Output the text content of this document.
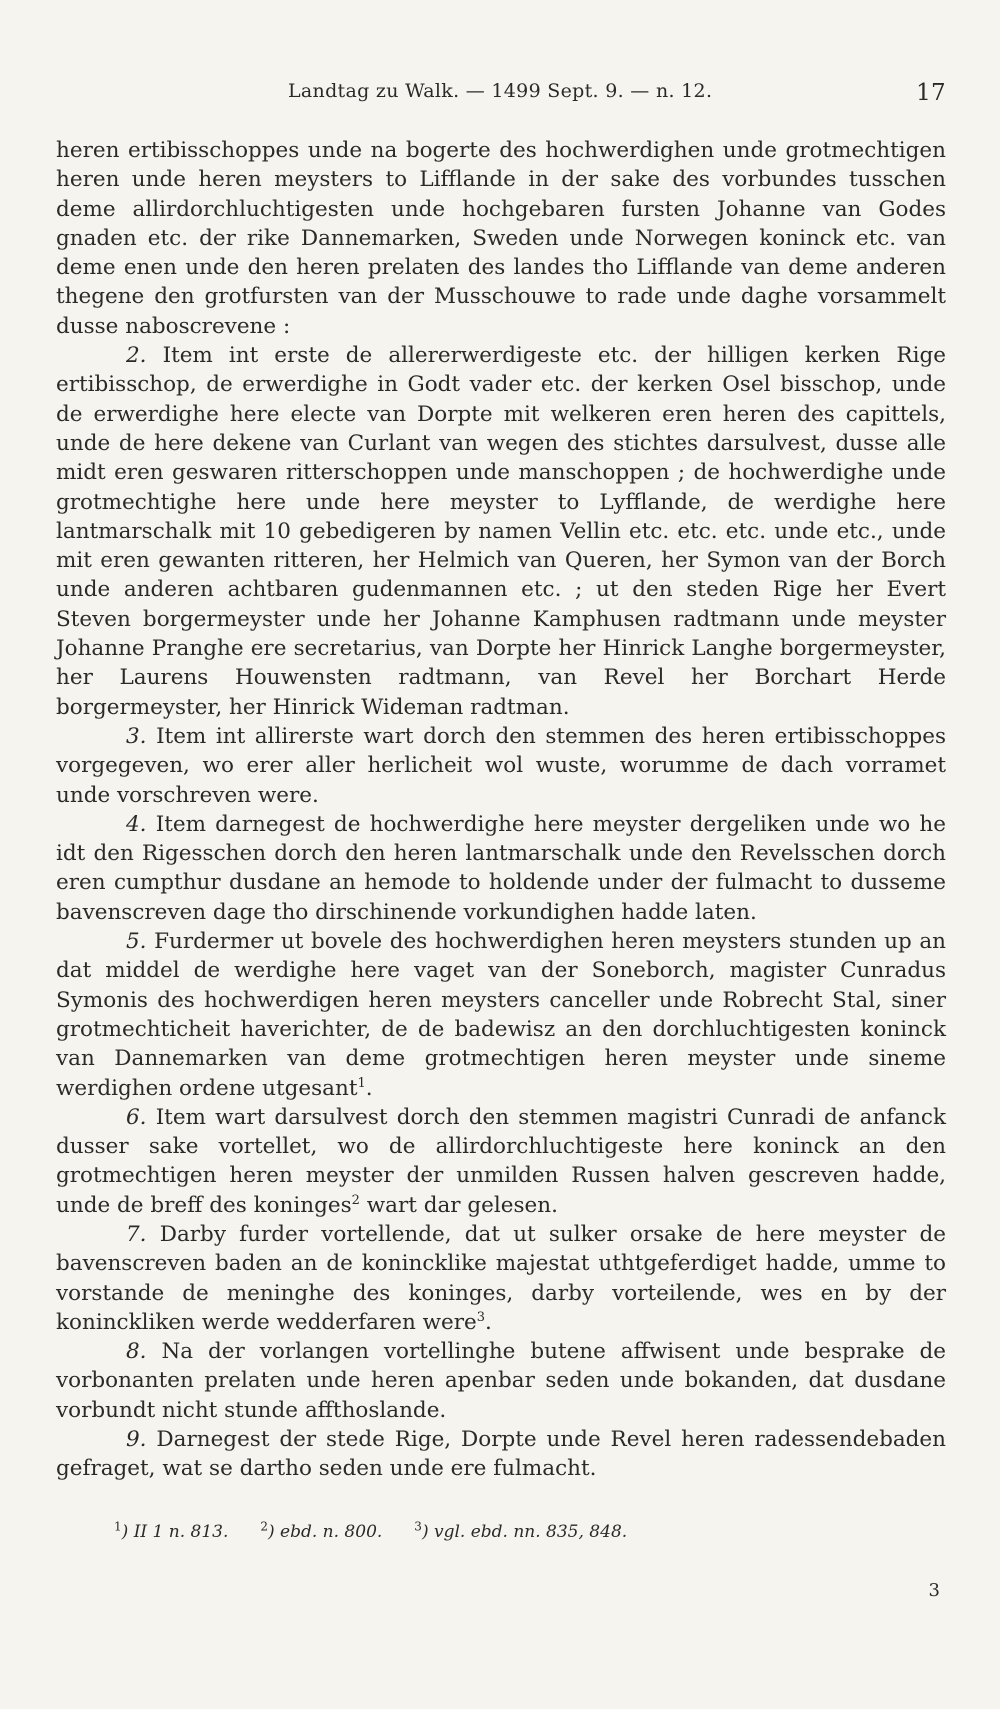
Landtag zu Walk. — 1499 Sept. 9. — n. 12.	17

heren ertibisschoppes unde na bogerte des hochwerdighen unde grotmechtigen heren unde heren meysters to Lifflande in der sake des vorbundes tusschen deme allirdorchluchtigesten unde hochgebaren fursten Johanne van Godes gnaden etc. der rike Dannemarken, Sweden unde Norwegen koninck etc. van deme enen unde den heren prelaten des landes tho Lifflande van deme anderen thegene den grotfursten van der Musschouwe to rade unde daghe vorsammelt dusse naboscrevene :

2. Item int erste de allererwerdigeste etc. der hilligen kerken Rige ertibisschop, de erwerdighe in Godt vader etc. der kerken Osel bisschop, unde de erwerdighe here electe van Dorpte mit welkeren eren heren des capittels, unde de here dekene van Curlant van wegen des stichtes darsulvest, dusse alle midt eren geswaren ritterschoppen unde manschoppen ; de hochwerdighe unde grotmechtighe here unde here meyster to Lyfflande, de werdighe here lantmarschalk mit 10 gebedigeren by namen Vellin etc. etc. etc. unde etc., unde mit eren gewanten ritteren, her Helmich van Queren, her Symon van der Borch unde anderen achtbaren gudenmannen etc. ; ut den steden Rige her Evert Steven borgermeyster unde her Johanne Kamphusen radtmann unde meyster Johanne Pranghe ere secretarius, van Dorpte her Hinrick Langhe borgermeyster, her Laurens Houwensten radtmann, van Revel her Borchart Herde borgermeyster, her Hinrick Wideman radtman.

3. Item int allirerste wart dorch den stemmen des heren ertibisschoppes vorgegeven, wo erer aller herlicheit wol wuste, worumme de dach vorramet unde vorschreven were.

4. Item darnegest de hochwerdighe here meyster dergeliken unde wo he idt den Rigesschen dorch den heren lantmarschalk unde den Revelsschen dorch eren cumpthur dusdane an hemode to holdende under der fulmacht to dusseme bavenscreven dage tho dirschinende vorkundighen hadde laten.

5. Furdermer ut bovele des hochwerdighen heren meysters stunden up an dat middel de werdighe here vaget van der Soneborch, magister Cunradus Symonis des hochwerdigen heren meysters canceller unde Robrecht Stal, siner grotmechticheit haverichter, de de badewisz an den dorchluchtigesten koninck van Dannemarken van deme grotmechtigen heren meyster unde sineme werdighen ordene utgesant$^1$.

6. Item wart darsulvest dorch den stemmen magistri Cunradi de anfanck dusser sake vortellet, wo de allirdorchluchtigeste here koninck an den grotmechtigen heren meyster der unmilden Russen halven gescreven hadde, unde de breff des koninges$^2$ wart dar gelesen.

7. Darby furder vortellende, dat ut sulker orsake de here meyster de bavenscreven baden an de konincklike majestat uthtgeferdiget hadde, umme to vorstande de meninghe des koninges, darby vorteilende, wes en by der koninckliken werde wedderfaren were$^3$.

8. Na der vorlangen vortellinghe butene affwisent unde besprake de vorbonanten prelaten unde heren apenbar seden unde bokanden, dat dusdane vorbundt nicht stunde affthoslande.

9. Darnegest der stede Rige, Dorpte unde Revel heren radessendebaden gefraget, wat se dartho seden unde ere fulmacht.

$^1$) II 1 n. 813.	$^2$) ebd. n. 800.	$^3$) vgl. ebd. nn. 835, 848.
3
